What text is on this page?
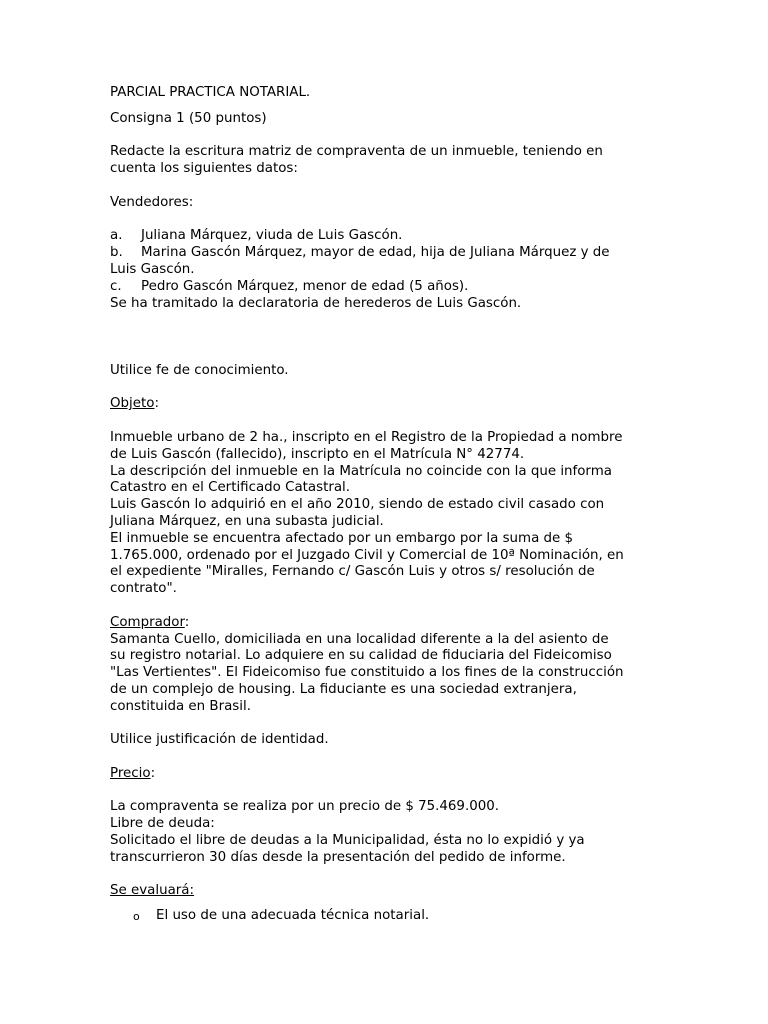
PARCIAL PRACTICA NOTARIAL.
Consigna 1 (50 puntos)
Redacte la escritura matriz de compraventa de un inmueble, teniendo en
cuenta los siguientes datos:
Vendedores:
a. Juliana Márquez, viuda de Luis Gascón.
b. Marina Gascón Márquez, mayor de edad, hija de Juliana Márquez y de
Luis Gascón.
c. Pedro Gascón Márquez, menor de edad (5 años).
Se ha tramitado la declaratoria de herederos de Luis Gascón.
Utilice fe de conocimiento.
Objeto:
Inmueble urbano de 2 ha., inscripto en el Registro de la Propiedad a nombre
de Luis Gascón (fallecido), inscripto en el Matrícula N° 42774.
La descripción del inmueble en la Matrícula no coincide con la que informa
Catastro en el Certificado Catastral.
Luis Gascón lo adquirió en el año 2010, siendo de estado civil casado con
Juliana Márquez, en una subasta judicial.
El inmueble se encuentra afectado por un embargo por la suma de $
1.765.000, ordenado por el Juzgado Civil y Comercial de 10ª Nominación, en
el expediente "Miralles, Fernando c/ Gascón Luis y otros s/ resolución de
contrato".
Comprador:
Samanta Cuello, domiciliada en una localidad diferente a la del asiento de
su registro notarial. Lo adquiere en su calidad de fiduciaria del Fideicomiso
"Las Vertientes". El Fideicomiso fue constituido a los fines de la construcción
de un complejo de housing. La fiduciante es una sociedad extranjera,
constituida en Brasil.
Utilice justificación de identidad.
Precio:
La compraventa se realiza por un precio de $ 75.469.000.
Libre de deuda:
Solicitado el libre de deudas a la Municipalidad, ésta no lo expidió y ya
transcurrieron 30 días desde la presentación del pedido de informe.
Se evaluará:
o El uso de una adecuada técnica notarial.
